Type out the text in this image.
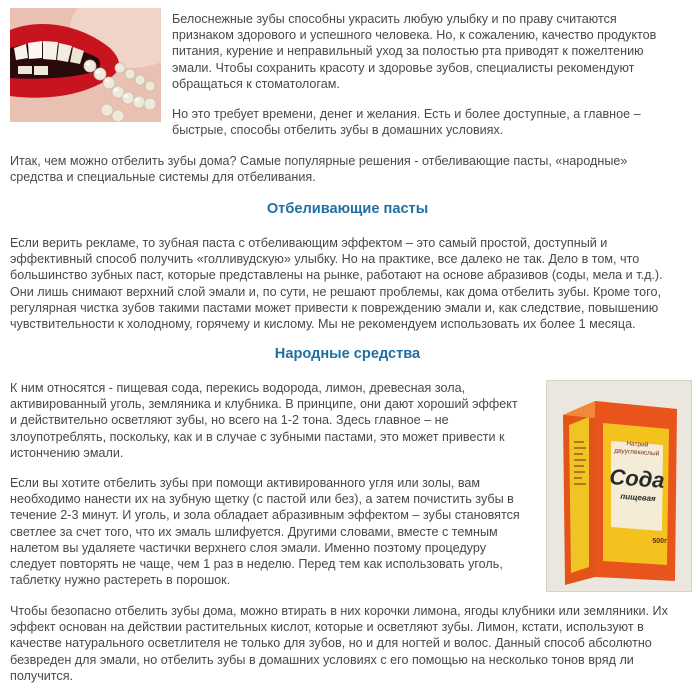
Белоснежные зубы способны украсить любую улыбку и по праву считаются

признаком здорового и успешного человека. Но, к сожалению, качество продуктов

питания, курение и неправильный уход за полостью рта приводят к пожелтению

эмали. Чтобы сохранить красоту и здоровье зубов, специалисты рекомендуют

обращаться к стоматологам.

Но это требует времени, денег и желания. Есть и более доступные, а главное –

быстрые, способы отбелить зубы в домашних условиях.

Итак, чем можно отбелить зубы дома? Самые популярные решения - отбеливающие пасты, «народные»

средства и специальные системы для отбеливания.

Отбеливающие пасты

Если верить рекламе, то зубная паста с отбеливающим эффектом – это самый простой, доступный и

эффективный способ получить «голливудскую» улыбку. Но на практике, все далеко не так. Дело в том, что

большинство зубных паст, которые представлены на рынке, работают на основе абразивов (соды, мела и т.д.).

Они лишь снимают верхний слой эмали и, по сути, не решают проблемы, как дома отбелить зубы. Кроме того,

регулярная чистка зубов такими пастами может привести к повреждению эмали и, как следствие, повышению

чувствительности к холодному, горячему и кислому. Мы не рекомендуем использовать их более 1 месяца.

Народные средства

К ним относятся - пищевая сода, перекись водорода, лимон, древесная зола,

активированный уголь, земляника и клубника. В принципе, они дают хороший эффект

и действительно осветляют зубы, но всего на 1-2 тона. Здесь главное – не

злоупотреблять, поскольку, как и в случае с зубными пастами, это может привести к

истончению эмали.

Если вы хотите отбелить зубы при помощи активированного угля или золы, вам

необходимо нанести их на зубную щетку (с пастой или без), а затем почистить зубы в

течение 2-3 минут. И уголь, и зола обладает абразивным эффектом – зубы становятся

светлее за счет того, что их эмаль шлифуется. Другими словами, вместе с темным

налетом вы удаляете частички верхнего слоя эмали. Именно поэтому процедуру

следует повторять не чаще, чем 1 раз в неделю. Перед тем как использовать уголь,

таблетку нужно растереть в порошок.

Натрий двууглекислый
Сода
пищевая
500г

Чтобы безопасно отбелить зубы дома, можно втирать в них корочки лимона, ягоды клубники или земляники. Их

эффект основан на действии растительных кислот, которые и осветляют зубы. Лимон, кстати, используют в

качестве натурального осветлителя не только для зубов, но и для ногтей и волос. Данный способ абсолютно

безвреден для эмали, но отбелить зубы в домашних условиях с его помощью на несколько тонов вряд ли

получится.
